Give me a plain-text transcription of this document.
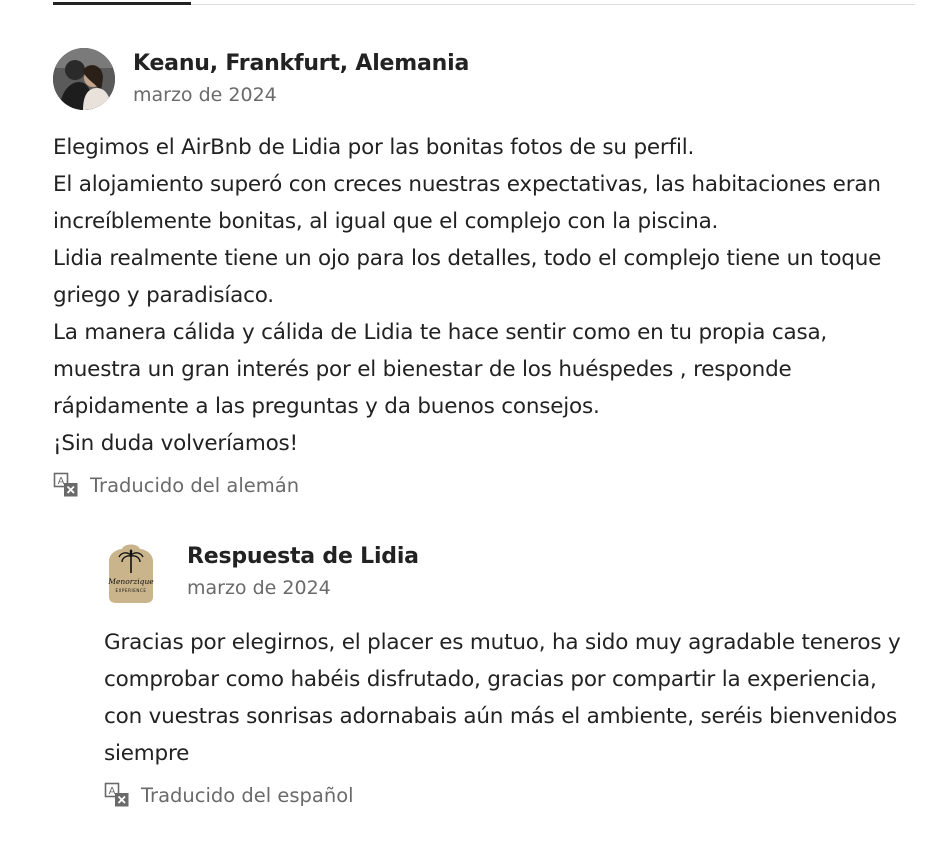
Keanu, Frankfurt, Alemania
marzo de 2024

Elegimos el AirBnb de Lidia por las bonitas fotos de su perfil.

El alojamiento superó con creces nuestras expectativas, las habitaciones eran increíblemente bonitas, al igual que el complejo con la piscina.

Lidia realmente tiene un ojo para los detalles, todo el complejo tiene un toque griego y paradisíaco.

La manera cálida y cálida de Lidia te hace sentir como en tu propia casa, muestra un gran interés por el bienestar de los huéspedes , responde rápidamente a las preguntas y da buenos consejos.

¡Sin duda volveríamos!

A Traducido del alemán
Menorzique
EXPERIENCE
Respuesta de Lidia
marzo de 2024
Gracias por elegirnos, el placer es mutuo, ha sido muy agradable teneros y comprobar como habéis disfrutado, gracias por compartir la experiencia, con vuestras sonrisas adornabais aún más el ambiente, seréis bienvenidos siempre
A Traducido del español
